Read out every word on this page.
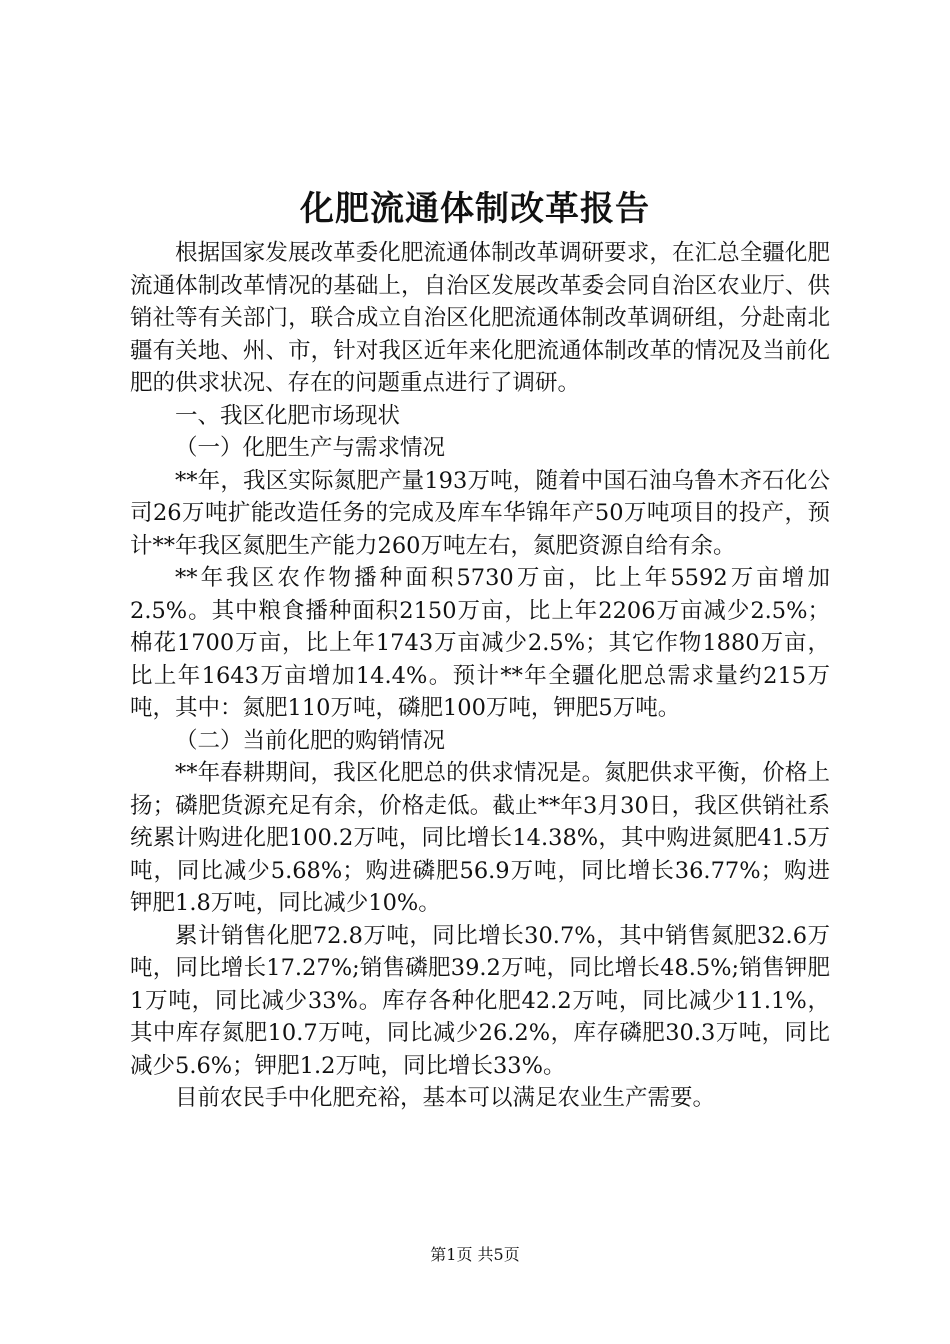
化肥流通体制改革报告

根据国家发展改革委化肥流通体制改革调研要求，在汇总全疆化肥流通体制改革情况的基础上，自治区发展改革委会同自治区农业厅、供销社等有关部门，联合成立自治区化肥流通体制改革调研组，分赴南北疆有关地、州、市，针对我区近年来化肥流通体制改革的情况及当前化肥的供求状况、存在的问题重点进行了调研。

一、我区化肥市场现状

（一）化肥生产与需求情况

**年，我区实际氮肥产量193万吨，随着中国石油乌鲁木齐石化公司26万吨扩能改造任务的完成及库车华锦年产50万吨项目的投产，预计**年我区氮肥生产能力260万吨左右，氮肥资源自给有余。

**年我区农作物播种面积5730万亩，比上年5592万亩增加2.5%。其中粮食播种面积2150万亩，比上年2206万亩减少2.5%；棉花1700万亩，比上年1743万亩减少2.5%；其它作物1880万亩，比上年1643万亩增加14.4%。预计**年全疆化肥总需求量约215万吨，其中：氮肥110万吨，磷肥100万吨，钾肥5万吨。

（二）当前化肥的购销情况

**年春耕期间，我区化肥总的供求情况是。氮肥供求平衡，价格上扬；磷肥货源充足有余，价格走低。截止**年3月30日，我区供销社系统累计购进化肥100.2万吨，同比增长14.38%，其中购进氮肥41.5万吨，同比减少5.68%；购进磷肥56.9万吨，同比增长36.77%；购进钾肥1.8万吨，同比减少10%。

累计销售化肥72.8万吨，同比增长30.7%，其中销售氮肥32.6万吨，同比增长17.27%;销售磷肥39.2万吨，同比增长48.5%;销售钾肥1万吨，同比减少33%。库存各种化肥42.2万吨，同比减少11.1%，其中库存氮肥10.7万吨，同比减少26.2%，库存磷肥30.3万吨，同比减少5.6%；钾肥1.2万吨，同比增长33%。

目前农民手中化肥充裕，基本可以满足农业生产需要。

第1页 共5页
